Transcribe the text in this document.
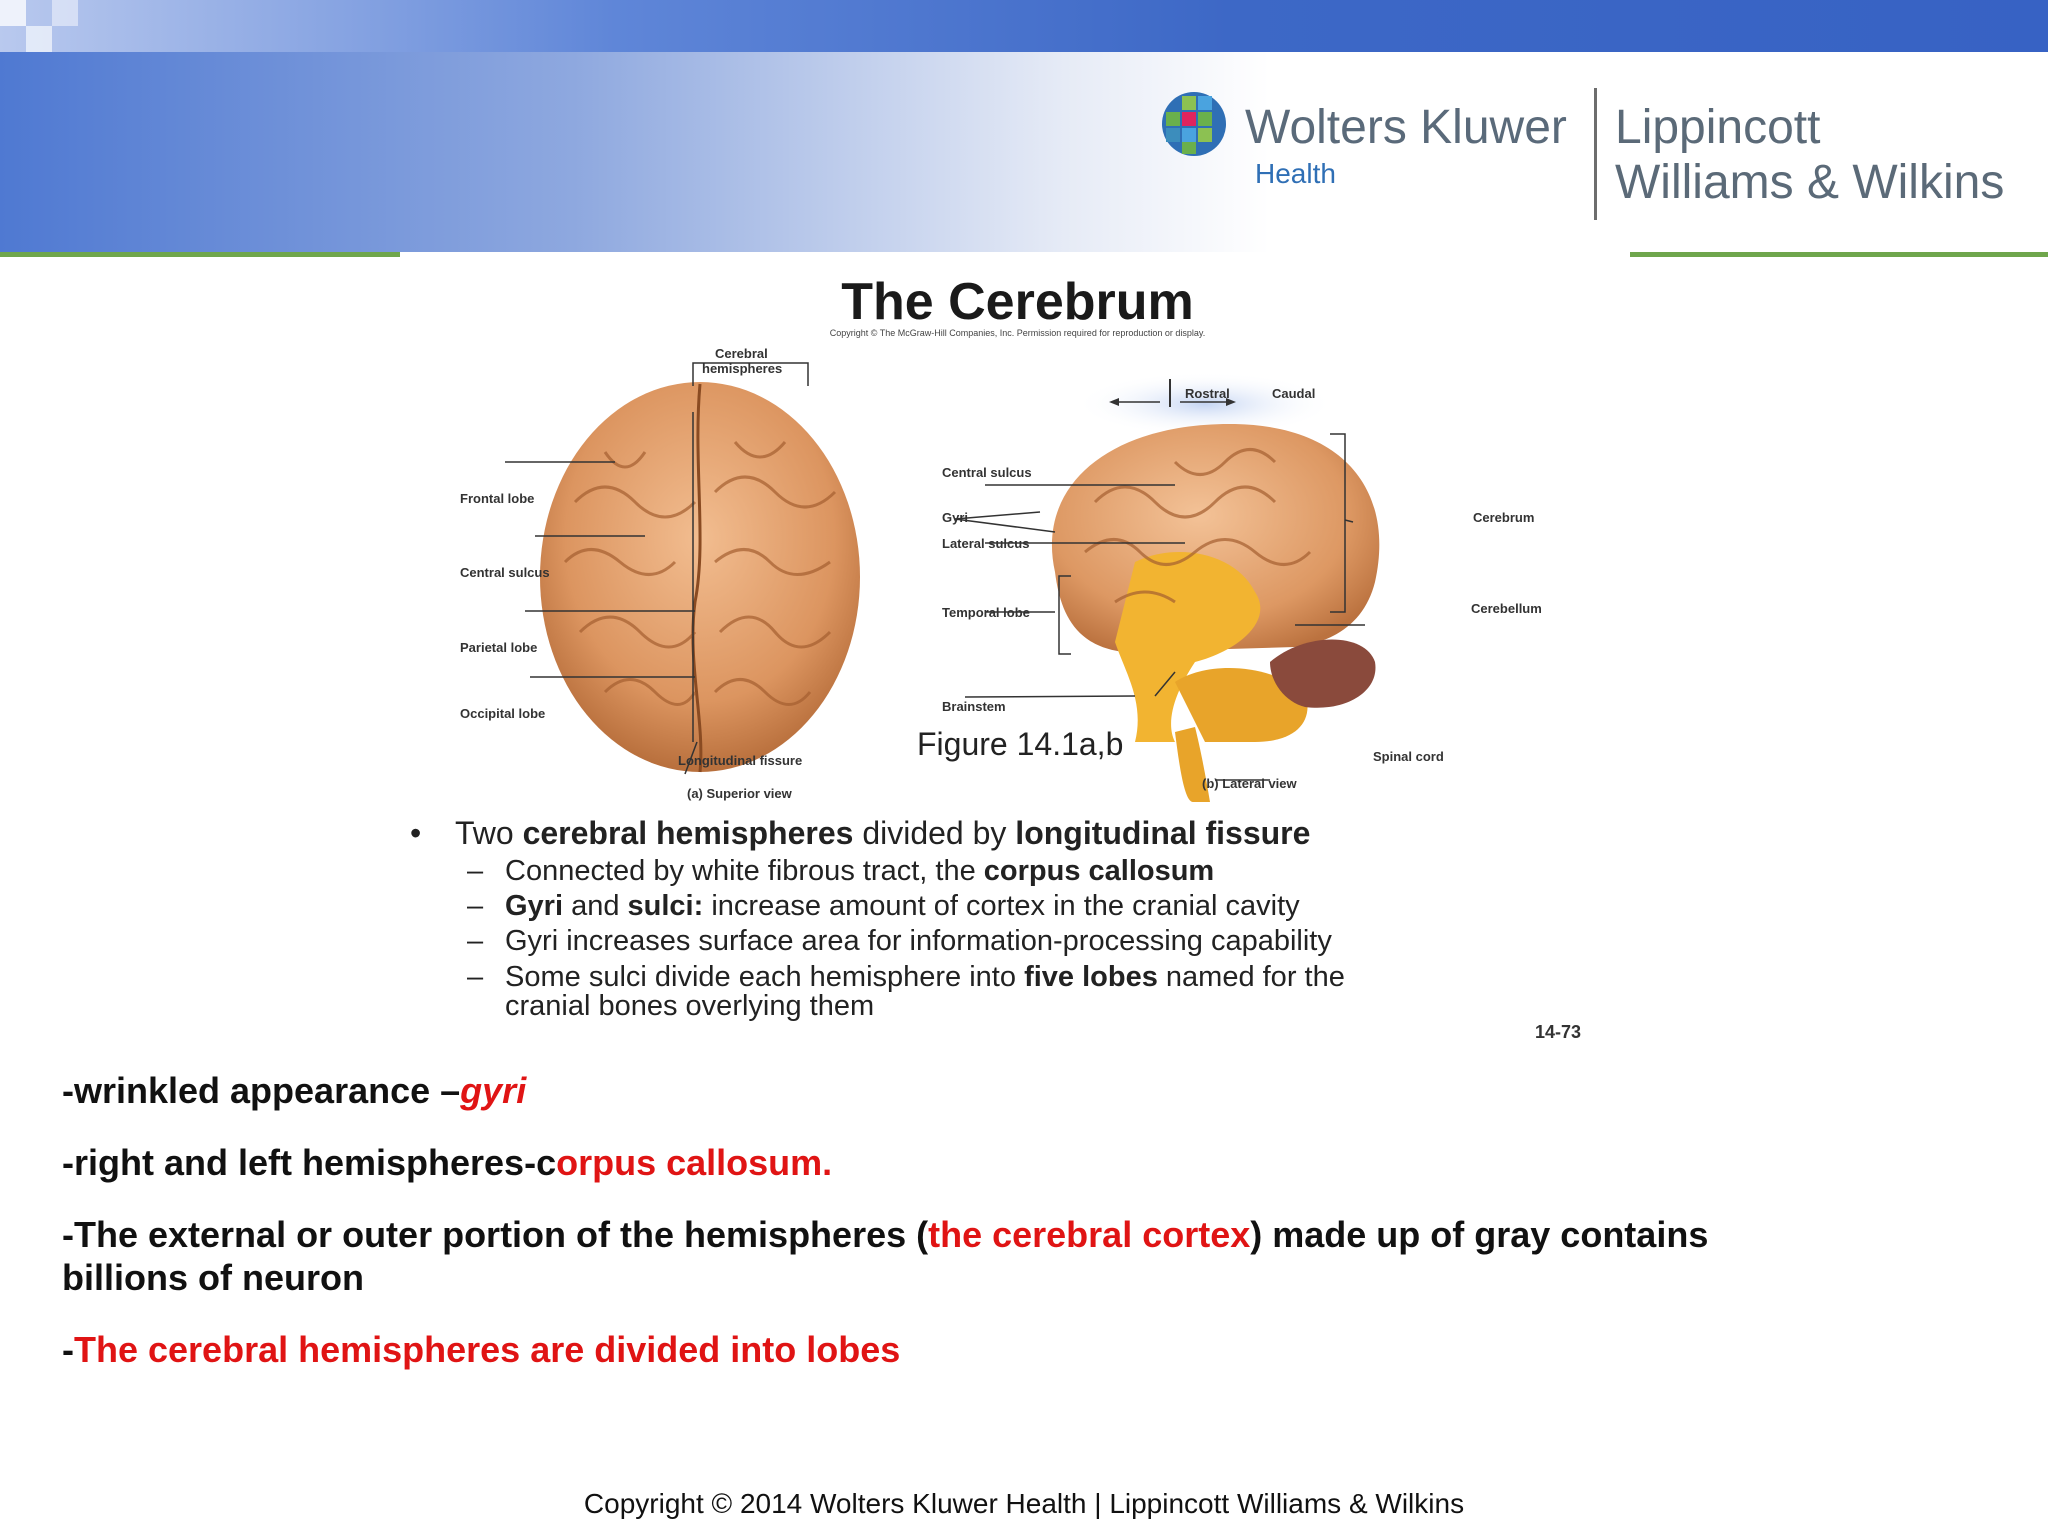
Wolters Kluwer
Health
Lippincott
Williams & Wilkins
The Cerebrum
Copyright © The McGraw-Hill Companies, Inc. Permission required for reproduction or display.
Cerebral
hemispheres
Frontal lobe
Central sulcus
Parietal lobe
Occipital lobe
Longitudinal fissure
(a) Superior view
Rostral	Caudal
Central sulcus
Gyri
Lateral sulcus
Temporal lobe
Brainstem
Cerebrum
Cerebellum
Spinal cord
(b) Lateral view
Figure 14.1a,b
• Two cerebral hemispheres divided by longitudinal fissure
– Connected by white fibrous tract, the corpus callosum
– Gyri and sulci: increase amount of cortex in the cranial cavity
– Gyri increases surface area for information-processing capability
– Some sulci divide each hemisphere into five lobes named for the
cranial bones overlying them
14-73
-wrinkled appearance –gyri
-right and left hemispheres-corpus callosum.
-The external or outer portion of the hemispheres (the cerebral cortex) made up of gray contains
billions of neuron
-The cerebral hemispheres are divided into lobes
Copyright © 2014 Wolters Kluwer Health | Lippincott Williams & Wilkins
